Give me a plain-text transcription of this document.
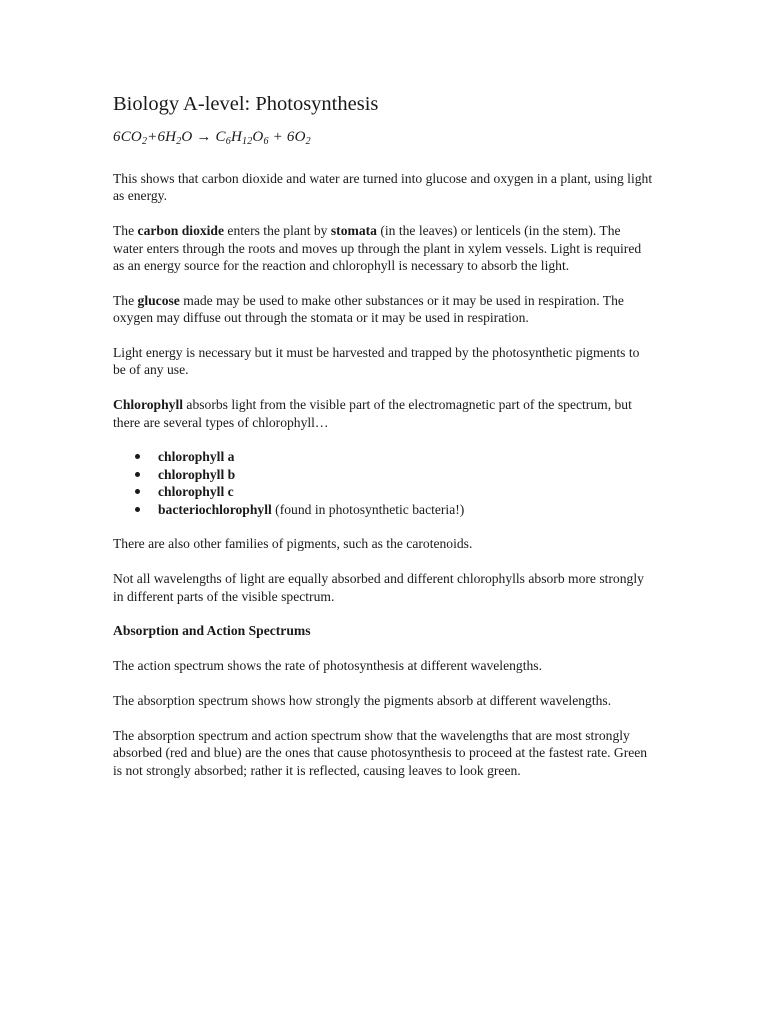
Biology A-level: Photosynthesis
$6CO_2+6H_2O \to C_6H_{12}O_6 + 6O_2$

This shows that carbon dioxide and water are turned into glucose and oxygen in a plant, using light as energy.

The carbon dioxide enters the plant by stomata (in the leaves) or lenticels (in the stem). The water enters through the roots and moves up through the plant in xylem vessels. Light is required as an energy source for the reaction and chlorophyll is necessary to absorb the light.

The glucose made may be used to make other substances or it may be used in respiration. The oxygen may diffuse out through the stomata or it may be used in respiration.

Light energy is necessary but it must be harvested and trapped by the photosynthetic pigments to be of any use.

Chlorophyll absorbs light from the visible part of the electromagnetic part of the spectrum, but there are several types of chlorophyll…

chlorophyll a
chlorophyll b
chlorophyll c
bacteriochlorophyll (found in photosynthetic bacteria!)

There are also other families of pigments, such as the carotenoids.

Not all wavelengths of light are equally absorbed and different chlorophylls absorb more strongly in different parts of the visible spectrum.

Absorption and Action Spectrums

The action spectrum shows the rate of photosynthesis at different wavelengths.

The absorption spectrum shows how strongly the pigments absorb at different wavelengths.

The absorption spectrum and action spectrum show that the wavelengths that are most strongly absorbed (red and blue) are the ones that cause photosynthesis to proceed at the fastest rate. Green is not strongly absorbed; rather it is reflected, causing leaves to look green.
